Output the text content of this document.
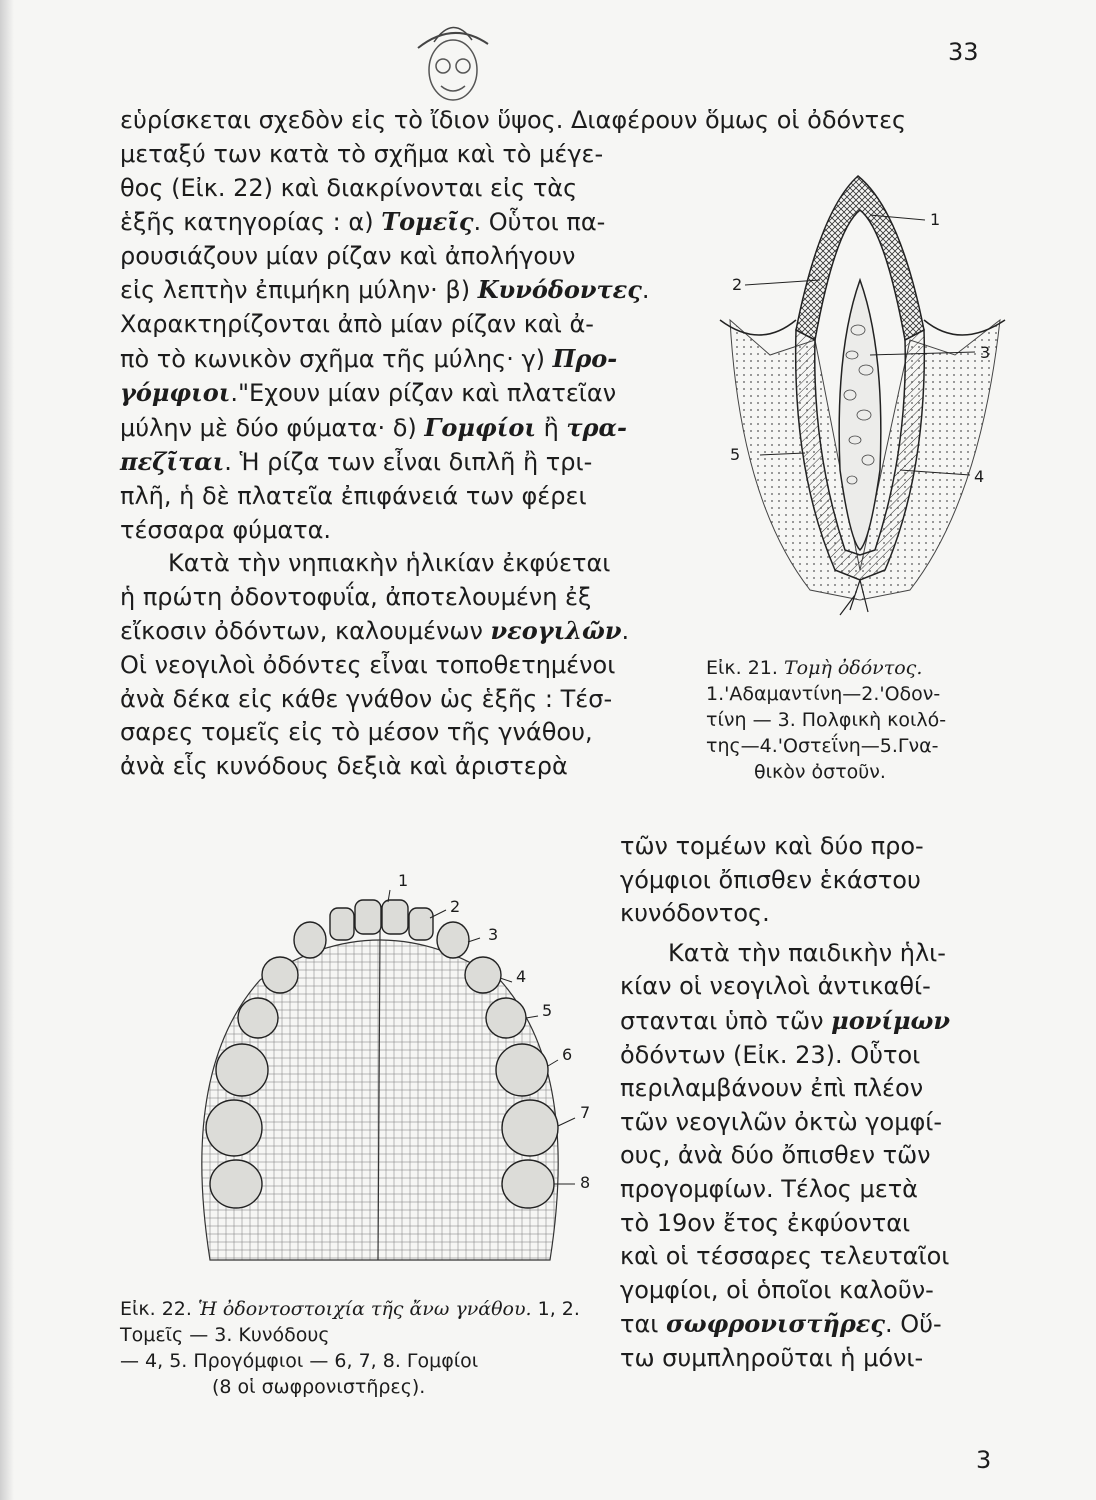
33
εὑρίσκεται σχεδὸν εἰς τὸ ἴδιον ὕψος. Διαφέρουν ὅμως οἱ ὀδόντες

μεταξύ των κατὰ τὸ σχῆμα καὶ τὸ μέγε-
θος (Εἰκ. 22) καὶ διακρίνονται εἰς τὰς
ἑξῆς κατηγορίας : α) Τομεῖς. Οὗτοι πα-
ρουσιάζουν μίαν ρίζαν καὶ ἀπολήγουν
εἰς λεπτὴν ἐπιμήκη μύλην· β) Κυνόδοντες.
Χαρακτηρίζονται ἀπὸ μίαν ρίζαν καὶ ἀ-
πὸ τὸ κωνικὸν σχῆμα τῆς μύλης· γ) Προ-
γόμφιοι."Εχουν μίαν ρίζαν καὶ πλατεῖαν
μύλην μὲ δύο φύματα· δ) Γομφίοι ἢ τρα-
πεζῖται. Ἡ ρίζα των εἶναι διπλῆ ἢ τρι-
πλῆ, ἡ δὲ πλατεῖα ἐπιφάνειά των φέρει
τέσσαρα φύματα.

Κατὰ τὴν νηπιακὴν ἡλικίαν ἐκφύεται
ἡ πρώτη ὀδοντοφυΐα, ἀποτελουμένη ἐξ
εἴκοσιν ὀδόντων, καλουμένων νεογιλῶν.
Οἱ νεογιλοὶ ὀδόντες εἶναι τοποθετημένοι
ἀνὰ δέκα εἰς κάθε γνάθον ὡς ἑξῆς : Τέσ-
σαρες τομεῖς εἰς τὸ μέσον τῆς γνάθου,
ἀνὰ εἷς κυνόδους δεξιὰ καὶ ἀριστερὰ

τῶν τομέων καὶ δύο προ-
γόμφιοι ὄπισθεν ἑκάστου
κυνόδοντος.

Κατὰ τὴν παιδικὴν ἡλι-
κίαν οἱ νεογιλοὶ ἀντικαθί-
στανται ὑπὸ τῶν μονίμων
ὀδόντων (Εἰκ. 23). Οὗτοι
περιλαμβάνουν ἐπὶ πλέον
τῶν νεογιλῶν ὀκτὼ γομφί-
ους, ἀνὰ δύο ὄπισθεν τῶν
προγομφίων. Τέλος μετὰ
τὸ 19ον ἔτος ἐκφύονται
καὶ οἱ τέσσαρες τελευταῖοι
γομφίοι, οἱ ὁποῖοι καλοῦν-
ται σωφρονιστῆρες. Οὕ-
τω συμπληροῦται ἡ μόνι-

1
2
3
4
5
Εἰκ. 21. Τομὴ ὀδόντος.
1.'Αδαμαντίνη—2.'Οδον-
τίνη — 3. Πολφικὴ κοιλό-
της—4.'Οστεΐνη—5.Γνα-
θικὸν ὀστοῦν.
1
2
3
4
5
6
7
8
Εἰκ. 22. Ἡ ὀδοντοστοιχία τῆς ἄνω γνάθου. 1, 2. Τομεῖς — 3. Κυνόδους
— 4, 5. Προγόμφιοι — 6, 7, 8. Γομφίοι
(8 οἱ σωφρονιστῆρες).
3
